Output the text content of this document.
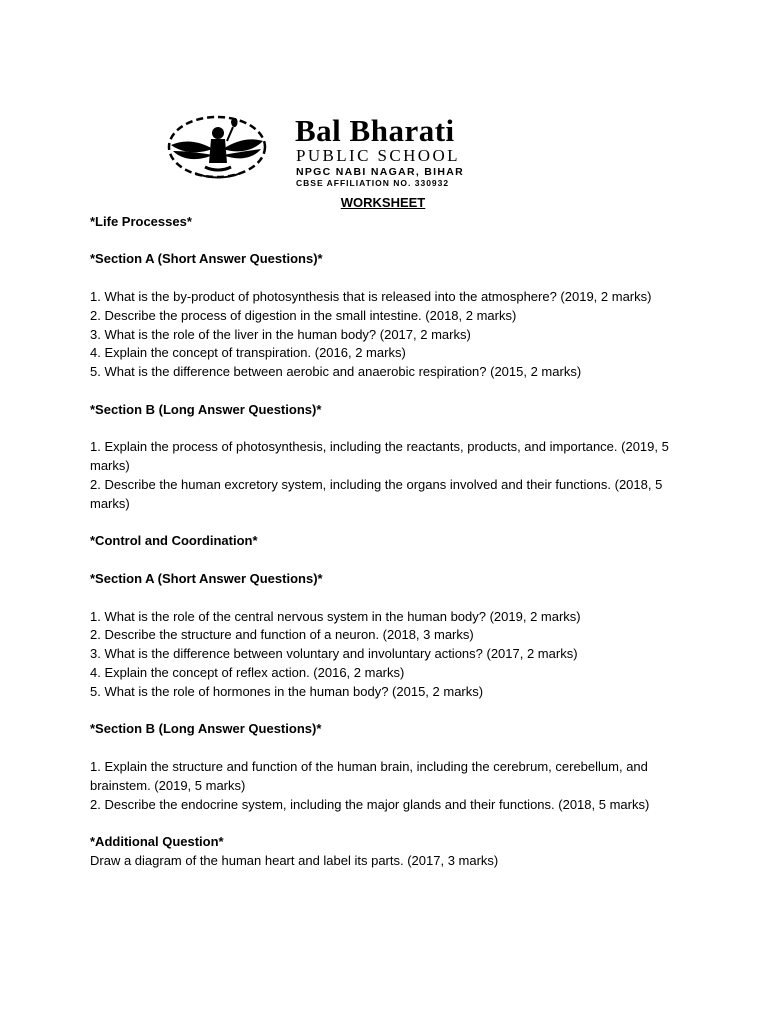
Bal Bharati
PUBLIC SCHOOL
NPGC NABI NAGAR, BIHAR
CBSE AFFILIATION NO. 330932
WORKSHEET
*Life Processes*
*Section A (Short Answer Questions)*
1. What is the by-product of photosynthesis that is released into the atmosphere? (2019, 2 marks)
2. Describe the process of digestion in the small intestine. (2018, 2 marks)
3. What is the role of the liver in the human body? (2017, 2 marks)
4. Explain the concept of transpiration. (2016, 2 marks)
5. What is the difference between aerobic and anaerobic respiration? (2015, 2 marks)
*Section B (Long Answer Questions)*
1. Explain the process of photosynthesis, including the reactants, products, and importance. (2019, 5 marks)
2. Describe the human excretory system, including the organs involved and their functions. (2018, 5 marks)
*Control and Coordination*
*Section A (Short Answer Questions)*
1. What is the role of the central nervous system in the human body? (2019, 2 marks)
2. Describe the structure and function of a neuron. (2018, 3 marks)
3. What is the difference between voluntary and involuntary actions? (2017, 2 marks)
4. Explain the concept of reflex action. (2016, 2 marks)
5. What is the role of hormones in the human body? (2015, 2 marks)
*Section B (Long Answer Questions)*
1. Explain the structure and function of the human brain, including the cerebrum, cerebellum, and brainstem. (2019, 5 marks)
2. Describe the endocrine system, including the major glands and their functions. (2018, 5 marks)
*Additional Question*
Draw a diagram of the human heart and label its parts. (2017, 3 marks)
